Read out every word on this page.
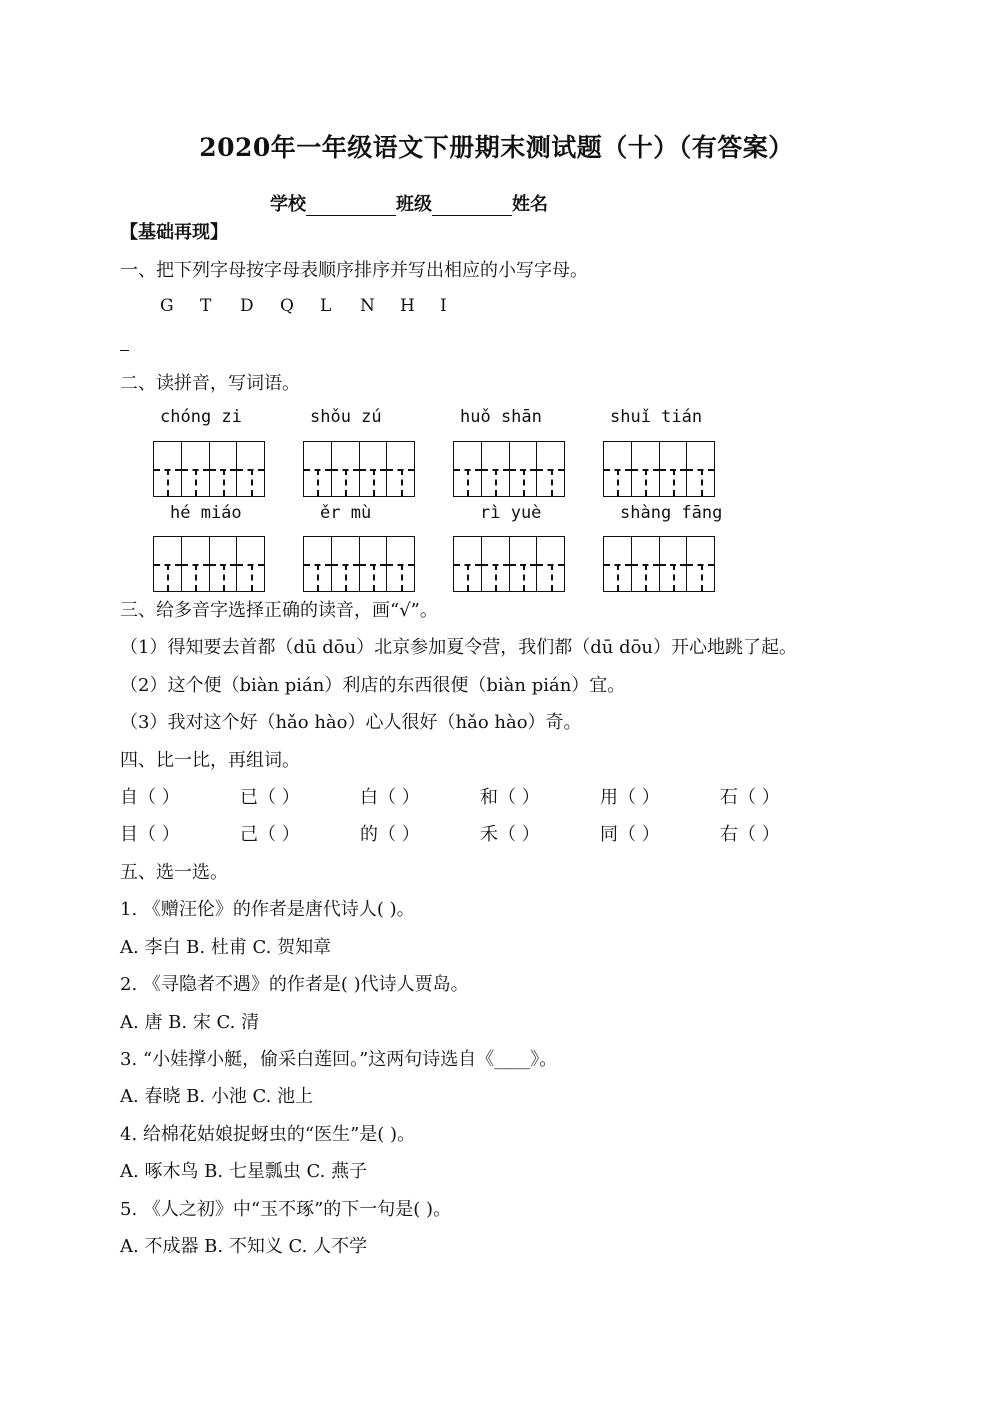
2020年一年级语文下册期末测试题（十）（有答案）
学校	班级	姓名
【基础再现】
一、把下列字母按字母表顺序排序并写出相应的小写字母。
G T D Q L N H I
二、读拼音，写词语。
chóng zi	shǒu zú	huǒ shān	shuǐ tián
hé miáo	ěr mù	rì yuè	shàng fāng
三、给多音字选择正确的读音，画“√”。
（1）得知要去首都（dū dōu）北京参加夏令营，我们都（dū dōu）开心地跳了起。
（2）这个便（biàn pián）利店的东西很便（biàn pián）宜。
（3）我对这个好（hǎo hào）心人很好（hǎo hào）奇。
四、比一比，再组词。
自（ ）	已（ ）	白（ ）	和（ ）	用（ ）	石（ ）
目（ ）	己（ ）	的（ ）	禾（ ）	同（ ）	右（ ）
五、选一选。
1. 《赠汪伦》的作者是唐代诗人( )。
A. 李白 B. 杜甫 C. 贺知章
2. 《寻隐者不遇》的作者是( )代诗人贾岛。
A. 唐 B. 宋 C. 清
3. “小娃撑小艇，偷采白莲回。”这两句诗选自《____》。
A. 春晓 B. 小池 C. 池上
4. 给棉花姑娘捉蚜虫的“医生”是( )。
A. 啄木鸟 B. 七星瓢虫 C. 燕子
5. 《人之初》中“玉不琢”的下一句是( )。
A. 不成器 B. 不知义 C. 人不学
